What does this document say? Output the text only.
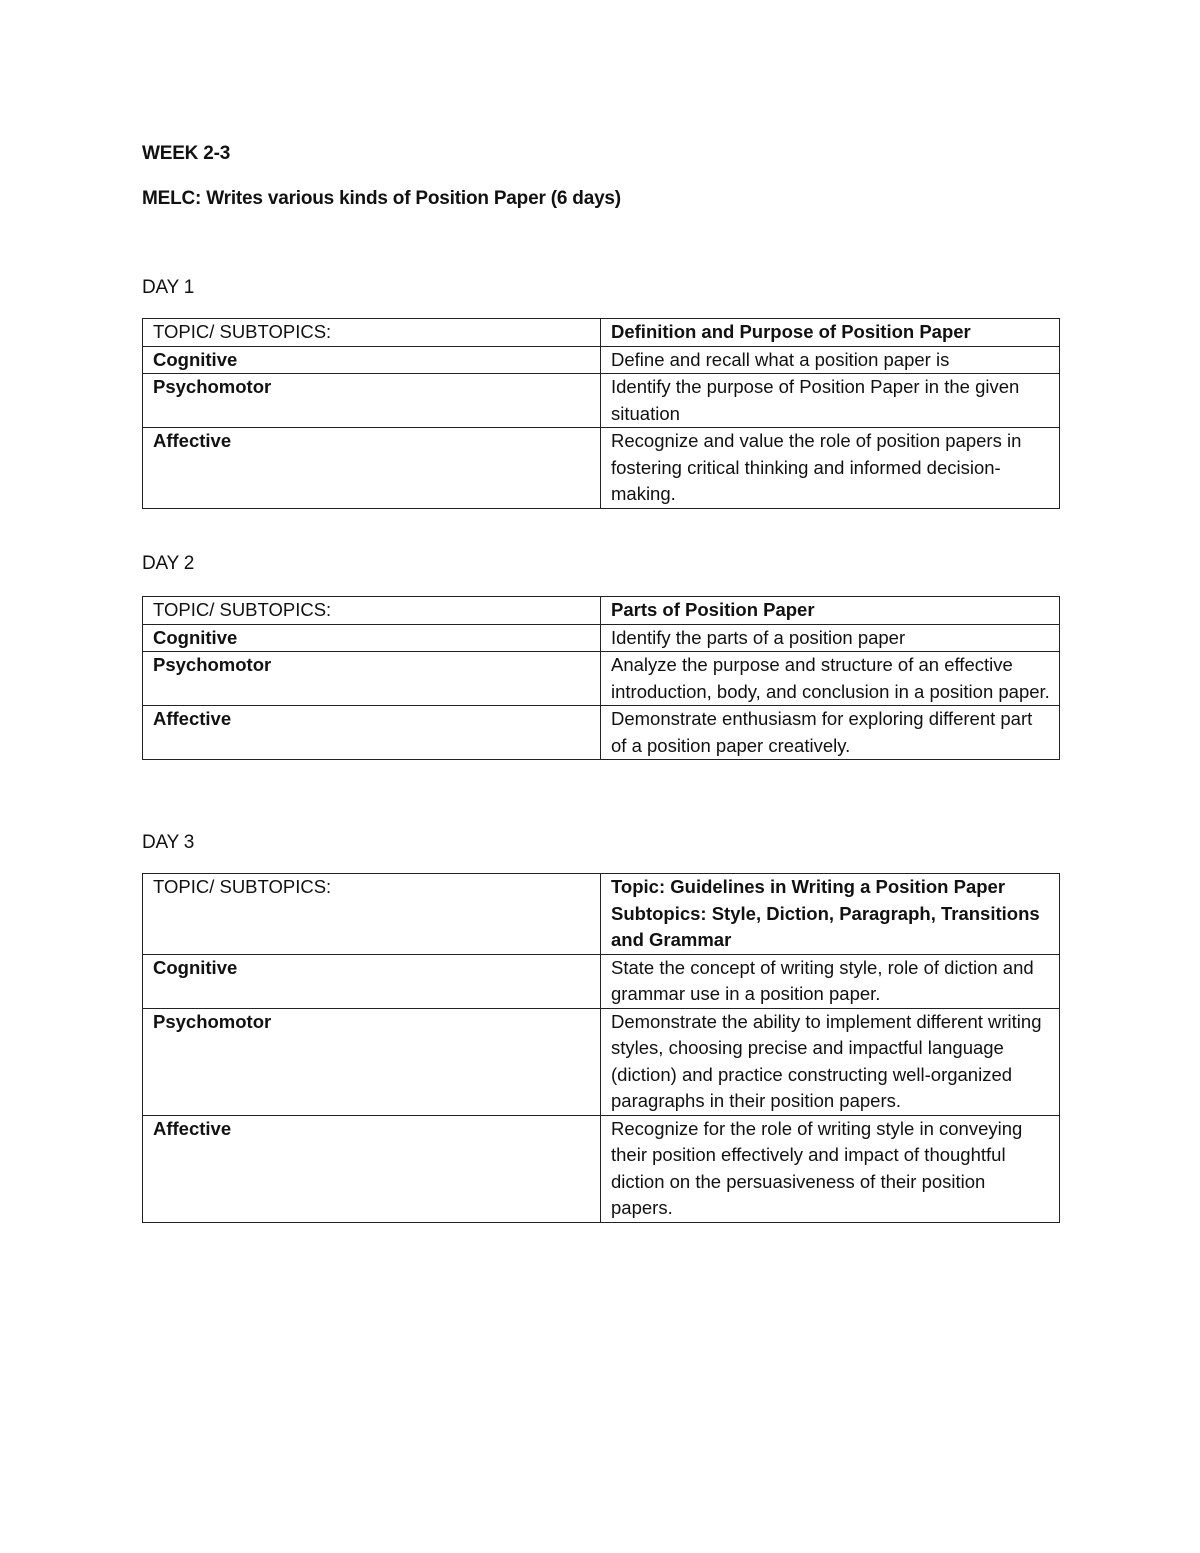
WEEK 2-3
MELC: Writes various kinds of Position Paper (6 days)
DAY 1
TOPIC/ SUBTOPICS:	Definition and Purpose of Position Paper
Cognitive	Define and recall what a position paper is
Psychomotor	Identify the purpose of Position Paper in the given situation
Affective	Recognize and value the role of position papers in fostering critical thinking and informed decision-making.
DAY 2
TOPIC/ SUBTOPICS:	Parts of Position Paper
Cognitive	Identify the parts of a position paper
Psychomotor	Analyze the purpose and structure of an effective introduction, body, and conclusion in a position paper.
Affective	Demonstrate enthusiasm for exploring different part of a position paper creatively.
DAY 3
TOPIC/ SUBTOPICS:	Topic: Guidelines in Writing a Position Paper
Subtopics: Style, Diction, Paragraph, Transitions and Grammar

Cognitive	State the concept of writing style, role of diction and grammar use in a position paper.
Psychomotor	Demonstrate the ability to implement different writing styles, choosing precise and impactful language (diction) and practice constructing well-organized paragraphs in their position papers.
Affective	Recognize for the role of writing style in conveying their position effectively and impact of thoughtful diction on the persuasiveness of their position papers.
